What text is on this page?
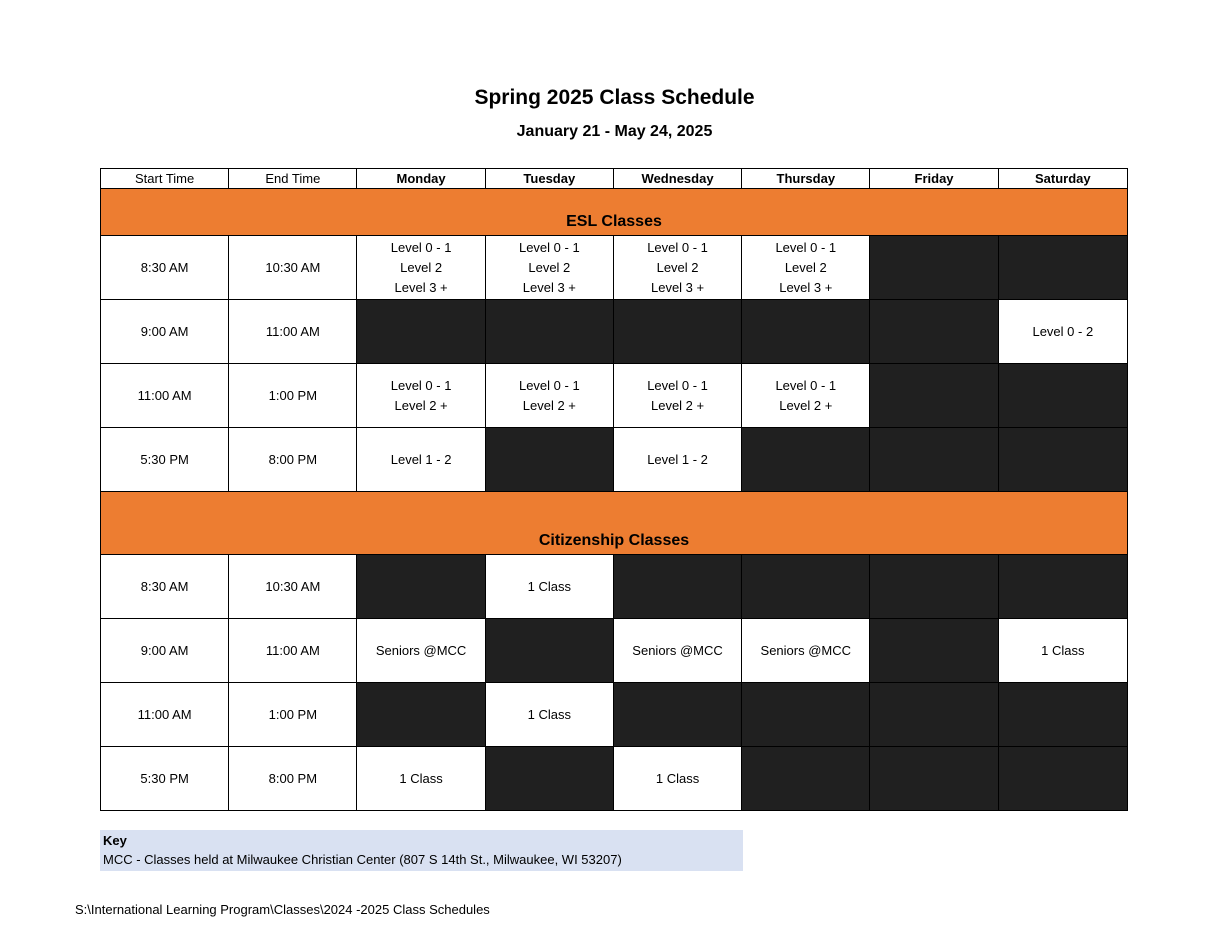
Spring 2025 Class Schedule
January 21 - May 24, 2025
Start Time	End Time	Monday	Tuesday	Wednesday	Thursday	Friday	Saturday
ESL Classes							
8:30 AM	10:30 AM	Level 0 - 1
Level 2
Level 3 +	Level 0 - 1
Level 2
Level 3 +	Level 0 - 1
Level 2
Level 3 +	Level 0 - 1
Level 2
Level 3 +		

9:00 AM	11:00 AM						Level 0 - 2

11:00 AM	1:00 PM	Level 0 - 1
Level 2 +	Level 0 - 1
Level 2 +	Level 0 - 1
Level 2 +	Level 0 - 1
Level 2 +		

5:30 PM	8:00 PM	Level 1 - 2		Level 1 - 2			

Citizenship Classes							
8:30 AM	10:30 AM		1 Class				

9:00 AM	11:00 AM	Seniors @MCC		Seniors @MCC	Seniors @MCC		1 Class

11:00 AM	1:00 PM		1 Class				

5:30 PM	8:00 PM	1 Class		1 Class			

Key
MCC - Classes held at Milwaukee Christian Center (807 S 14th St., Milwaukee, WI 53207)
S:\International Learning Program\Classes\2024 -2025 Class Schedules
